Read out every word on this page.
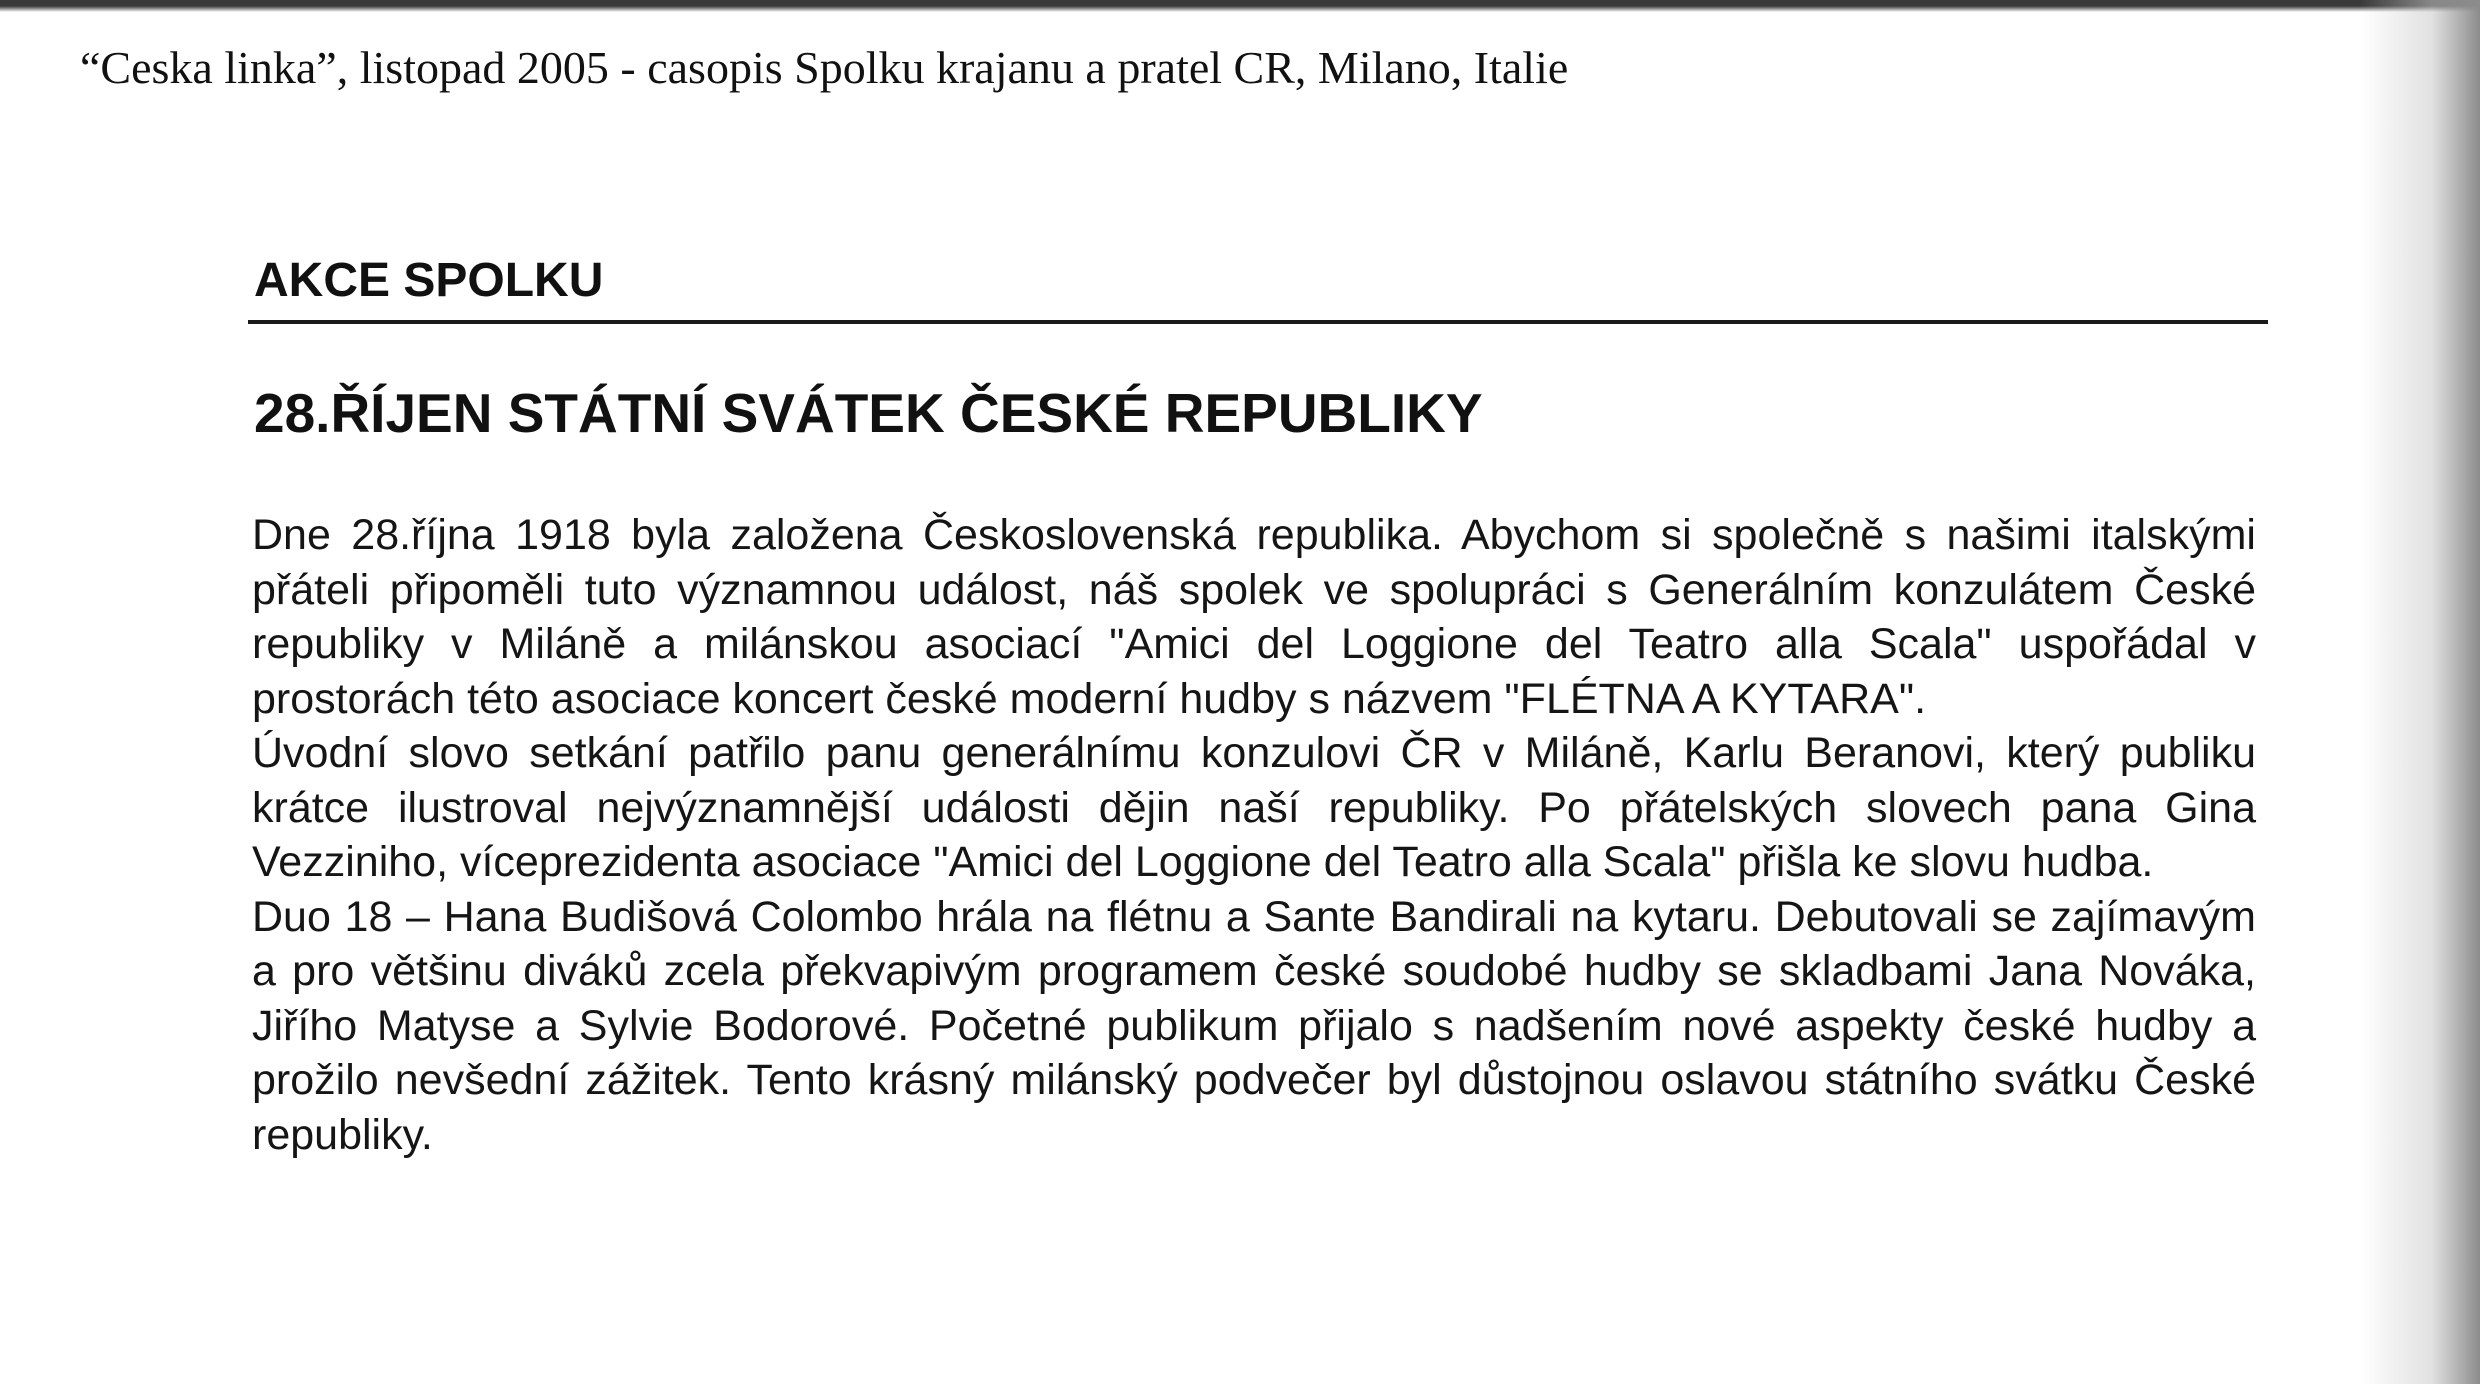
“Ceska linka”, listopad 2005 - casopis Spolku krajanu a pratel CR, Milano, Italie
AKCE SPOLKU
28.ŘÍJEN STÁTNÍ SVÁTEK ČESKÉ REPUBLIKY

Dne 28.října 1918 byla založena Československá republika. Abychom si společně s našimi italskými přáteli připoměli tuto významnou událost, náš spolek ve spolupráci s Generálním konzulátem České republiky v Miláně a milánskou asociací "Amici del Loggione del Teatro alla Scala" uspořádal v prostorách této asociace koncert české moderní hudby s názvem "FLÉTNA A KYTARA".

Úvodní slovo setkání patřilo panu generálnímu konzulovi ČR v Miláně, Karlu Beranovi, který publiku krátce ilustroval nejvýznamnější události dějin naší republiky. Po přátelských slovech pana Gina Vezziniho, víceprezidenta asociace "Amici del Loggione del Teatro alla Scala" přišla ke slovu hudba.

Duo 18 – Hana Budišová Colombo hrála na flétnu a Sante Bandirali na kytaru. Debutovali se zajímavým a pro většinu diváků zcela překvapivým programem české soudobé hudby se skladbami Jana Nováka, Jiřího Matyse a Sylvie Bodorové. Početné publikum přijalo s nadšením nové aspekty české hudby a prožilo nevšední zážitek. Tento krásný milánský podvečer byl důstojnou oslavou státního svátku České republiky.
